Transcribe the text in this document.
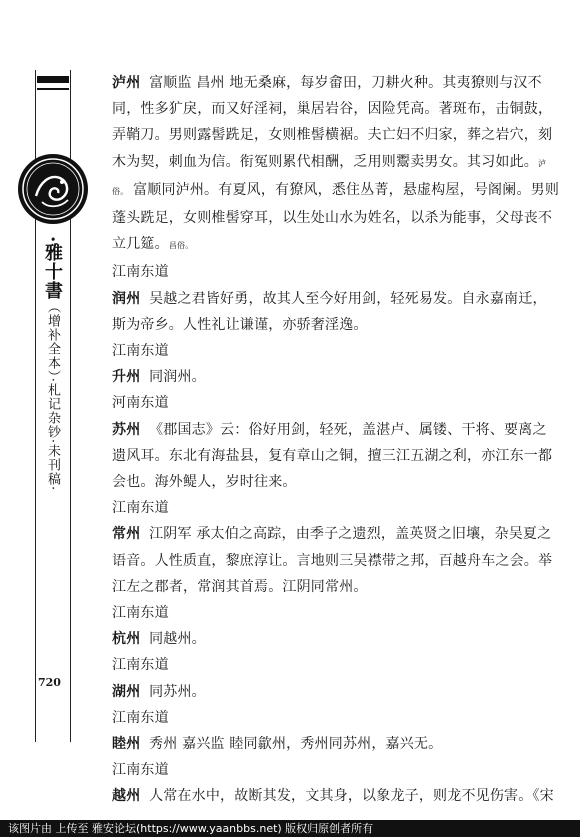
·雅十書（增补全本）·札记杂钞·未刊稿·
720

泸州 富顺监 昌州 地无桑麻，每岁畲田，刀耕火种。其夷獠则与汉不同，性多犷戾，而又好淫祠，巢居岩谷，因险凭高。著斑布，击铜鼓，弄鞘刀。男则露髻跣足，女则椎髻横裾。夫亡妇不归家，葬之岩穴，刻木为契，刺血为信。衔冤则累代相酬，乏用则鬻卖男女。其习如此。泸俗。 富顺同泸州。有夏风，有獠风，悉住丛菁，悬虚构屋，号阁阑。男则蓬头跣足，女则椎髻穿耳，以生处山水为姓名，以杀为能事，父母丧不立几筵。昌俗。

江南东道

润州 吴越之君皆好勇，故其人至今好用剑，轻死易发。自永嘉南迁，斯为帝乡。人性礼让谦谨，亦骄奢淫逸。

江南东道

升州 同润州。

河南东道

苏州 《郡国志》云：俗好用剑，轻死，盖湛卢、属镂、干将、要离之遗风耳。东北有海盐县，复有章山之铜，擅三江五湖之利，亦江东一都会也。海外鳀人，岁时往来。

江南东道

常州 江阴军 承太伯之高踪，由季子之遗烈，盖英贤之旧壤，杂吴夏之语音。人性质直，黎庶淳让。言地则三吴襟带之邦，百越舟车之会。举江左之郡者，常润其首焉。江阴同常州。

江南东道

杭州 同越州。

江南东道

湖州 同苏州。

江南东道

睦州 秀州 嘉兴监 睦同歙州，秀州同苏州，嘉兴无。

江南东道

越州 人常在水中，故断其发，文其身，以象龙子，则龙不见伤害。《宋

该图片由 上传至 雅安论坛(https://www.yaanbbs.net) 版权归原创者所有
